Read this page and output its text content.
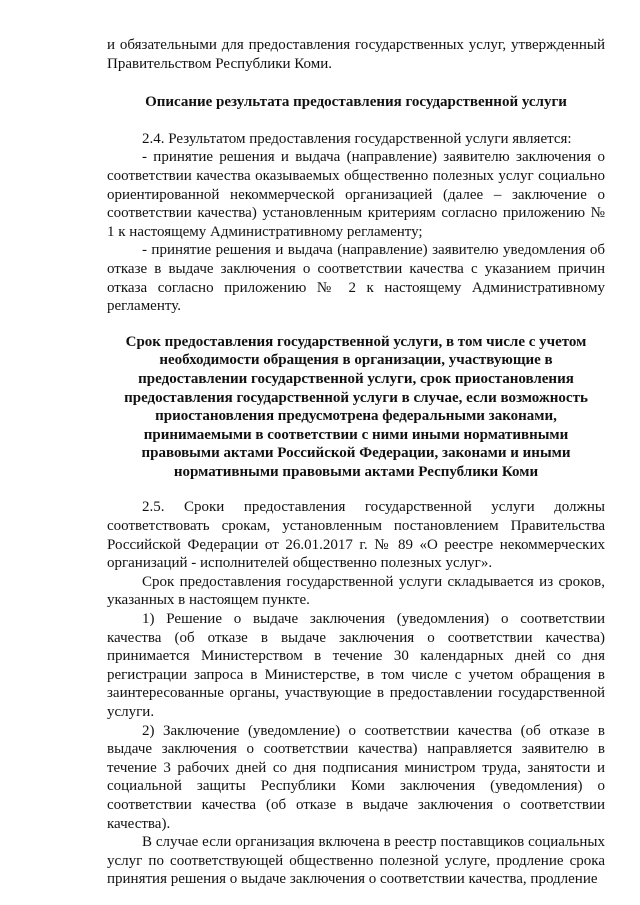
и обязательными для предоставления государственных услуг, утвержденный Правительством Республики Коми.

Описание результата предоставления государственной услуги

2.4. Результатом предоставления государственной услуги является:

- принятие решения и выдача (направление) заявителю заключения о соответствии качества оказываемых общественно полезных услуг социально ориентированной некоммерческой организацией (далее – заключение о соответствии качества) установленным критериям согласно приложению № 1 к настоящему Административному регламенту;

- принятие решения и выдача (направление) заявителю уведомления об отказе в выдаче заключения о соответствии качества с указанием причин отказа согласно приложению № 2 к настоящему Административному регламенту.

Срок предоставления государственной услуги, в том числе с учетом необходимости обращения в организации, участвующие в предоставлении государственной услуги, срок приостановления предоставления государственной услуги в случае, если возможность приостановления предусмотрена федеральными законами, принимаемыми в соответствии с ними иными нормативными правовыми актами Российской Федерации, законами и иными нормативными правовыми актами Республики Коми

2.5. Сроки предоставления государственной услуги должны соответствовать срокам, установленным постановлением Правительства Российской Федерации от 26.01.2017 г. № 89 «О реестре некоммерческих организаций - исполнителей общественно полезных услуг».

Срок предоставления государственной услуги складывается из сроков, указанных в настоящем пункте.

1) Решение о выдаче заключения (уведомления) о соответствии качества (об отказе в выдаче заключения о соответствии качества) принимается Министерством в течение 30 календарных дней со дня регистрации запроса в Министерстве, в том числе с учетом обращения в заинтересованные органы, участвующие в предоставлении государственной услуги.

2) Заключение (уведомление) о соответствии качества (об отказе в выдаче заключения о соответствии качества) направляется заявителю в течение 3 рабочих дней со дня подписания министром труда, занятости и социальной защиты Республики Коми заключения (уведомления) о соответствии качества (об отказе в выдаче заключения о соответствии качества).

В случае если организация включена в реестр поставщиков социальных услуг по соответствующей общественно полезной услуге, продление срока принятия решения о выдаче заключения о соответствии качества, продление
